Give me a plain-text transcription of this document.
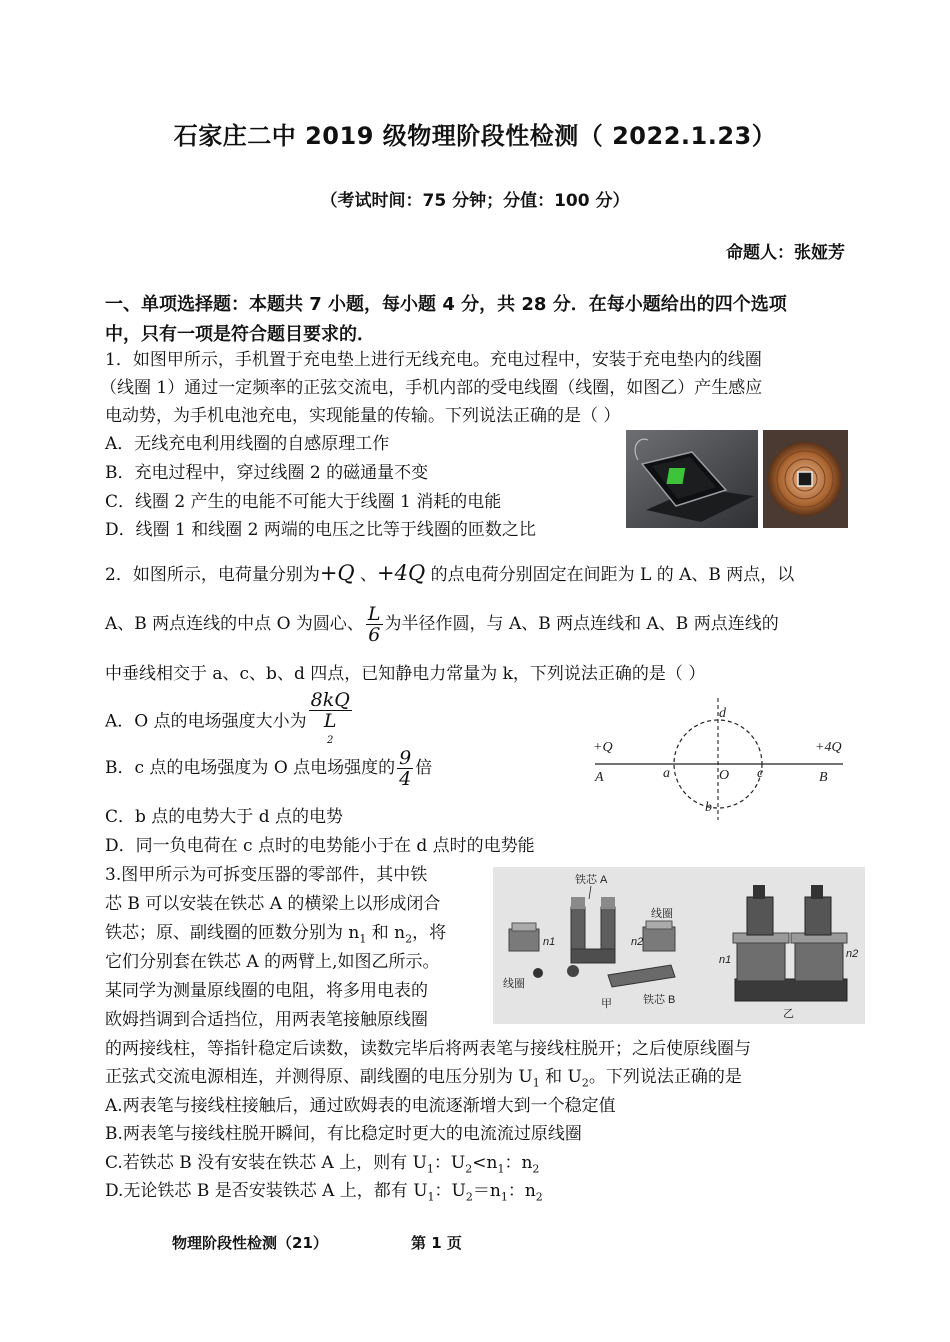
石家庄二中 2019 级物理阶段性检测（ 2022.1.23）
（考试时间：75 分钟；分值：100 分）
命题人：张娅芳
一、单项选择题：本题共 7 小题，每小题 4 分，共 28 分．在每小题给出的四个选项
中，只有一项是符合题目要求的．
1．如图甲所示，手机置于充电垫上进行无线充电。充电过程中，安装于充电垫内的线圈
（线圈 1）通过一定频率的正弦交流电，手机内部的受电线圈（线圈，如图乙）产生感应
电动势，为手机电池充电，实现能量的传输。下列说法正确的是（ ）
A．无线充电利用线圈的自感原理工作
B．充电过程中，穿过线圈 2 的磁通量不变
C．线圈 2 产生的电能不可能大于线圈 1 消耗的电能
D．线圈 1 和线圈 2 两端的电压之比等于线圈的匝数之比
2．如图所示，电荷量分别为+Q 、+4Q 的点电荷分别固定在间距为 L 的 A、B 两点，以
A、B 两点连线的中点 O 为圆心、 $\frac{L}{6}$ 为半径作圆，与 A、B 两点连线和 A、B 两点连线的
中垂线相交于 a、c、b、d 四点，已知静电力常量为 k，下列说法正确的是（ ）
A．O 点的电场强度大小为 8kQ
L
$^2$
B．c 点的电场强度为 O 点电场强度的 $\frac{9}{4}$ 倍
C．b 点的电势大于 d 点的电势
D．同一负电荷在 c 点时的电势能小于在 d 点时的电势能
+Q	+4Q
A	B
a	O c
b
d
3.图甲所示为可拆变压器的零部件，其中铁
芯 B 可以安装在铁芯 A 的横梁上以形成闭合
铁芯；原、副线圈的匝数分别为 $n_1$ 和 $n_2$，将
它们分别套在铁芯 A 的两臂上,如图乙所示。
某同学为测量原线圈的电阻，将多用电表的
欧姆挡调到合适挡位，用两表笔接触原线圈
的两接线柱，等指针稳定后读数，读数完毕后将两表笔与接线柱脱开；之后使原线圈与
正弦式交流电源相连，并测得原、副线圈的电压分别为 $U_1$ 和 $U_2$。下列说法正确的是
A.两表笔与接线柱接触后，通过欧姆表的电流逐渐增大到一个稳定值
B.两表笔与接线柱脱开瞬间，有比稳定时更大的电流流过原线圈
C.若铁芯 B 没有安装在铁芯 A 上，则有 $U_1$：$U_2<n_1$：$n_2$
D.无论铁芯 B 是否安装铁芯 A 上，都有 $U_1$：$U_2=n_1$：$n_2$
铁芯 A
线圈
n1	n2
线圈
铁芯 B
甲
n1	n2
乙
物理阶段性检测（21）	第 1 页
